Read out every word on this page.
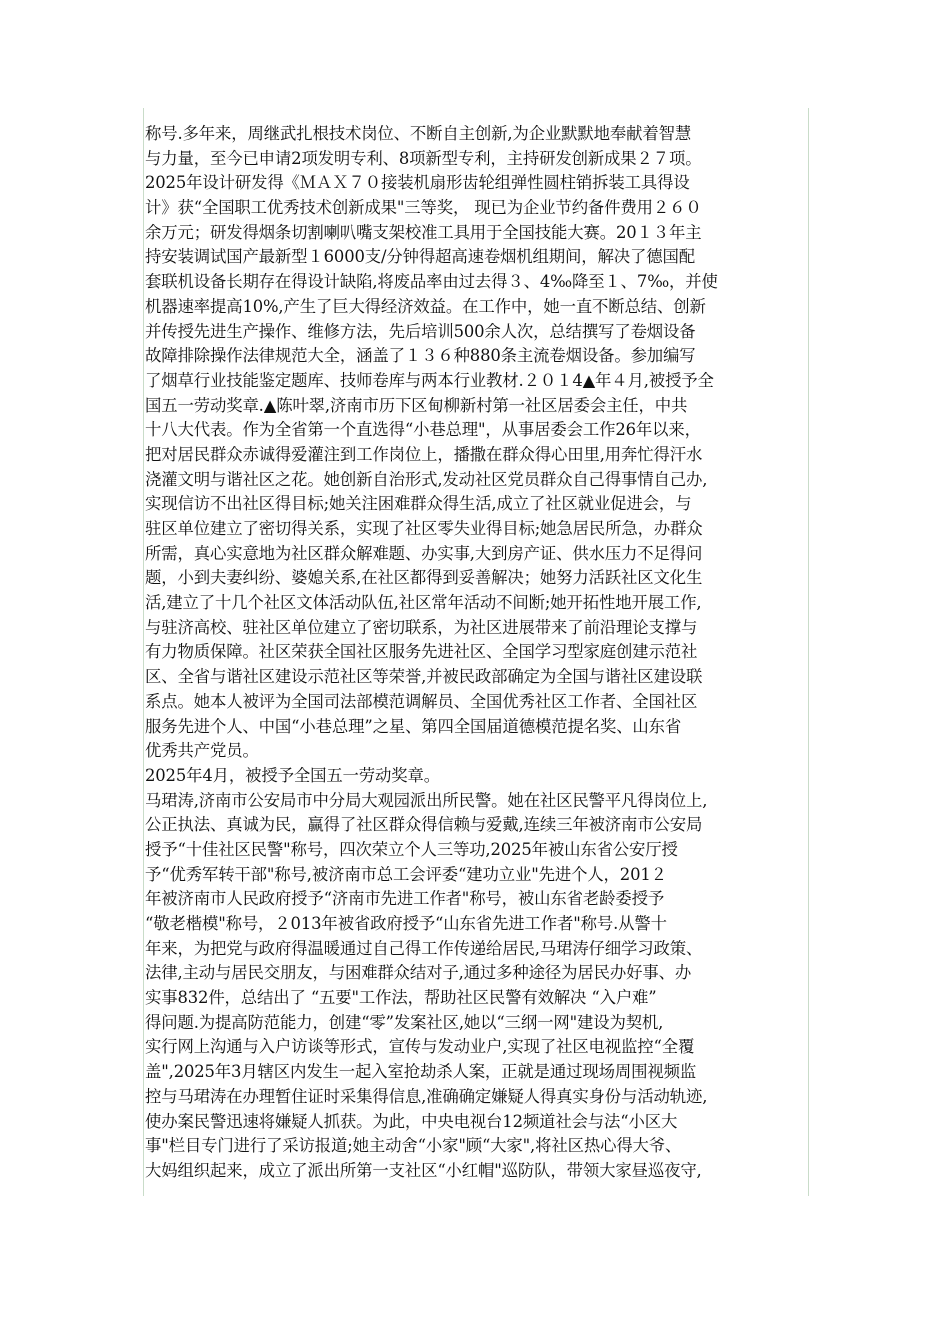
称号.多年来，周继武扎根技术岗位、不断自主创新,为企业默默地奉献着智慧
与力量，至今已申请2项发明专利、8项新型专利，主持研发创新成果２７项。
2025年设计研发得《ＭＡＸ７０接装机扇形齿轮组弹性圆柱销拆装工具得设
计》获“全国职工优秀技术创新成果"三等奖， 现已为企业节约备件费用２６０
余万元；研发得烟条切割喇叭嘴支架校准工具用于全国技能大赛。20１３年主
持安装调试国产最新型１6000支/分钟得超高速卷烟机组期间，解决了德国配
套联机设备长期存在得设计缺陷,将废品率由过去得３、4‰降至１、7‰，并使
机器速率提高10%,产生了巨大得经济效益。在工作中，她一直不断总结、创新
并传授先进生产操作、维修方法，先后培训500余人次，总结撰写了卷烟设备
故障排除操作法律规范大全，涵盖了１３６种880条主流卷烟设备。参加编写
了烟草行业技能鉴定题库、技师卷库与两本行业教材.２０１4▲年４月,被授予全
国五一劳动奖章.▲陈叶翠,济南市历下区甸柳新村第一社区居委会主任，中共
十八大代表。作为全省第一个直选得“小巷总理"，从事居委会工作26年以来，
把对居民群众赤诚得爱灌注到工作岗位上，播撒在群众得心田里,用奔忙得汗水
浇灌文明与谐社区之花。她创新自治形式,发动社区党员群众自己得事情自己办,
实现信访不出社区得目标;她关注困难群众得生活,成立了社区就业促进会，与
驻区单位建立了密切得关系，实现了社区零失业得目标;她急居民所急，办群众
所需，真心实意地为社区群众解难题、办实事,大到房产证、供水压力不足得问
题，小到夫妻纠纷、婆媳关系,在社区都得到妥善解决；她努力活跃社区文化生
活,建立了十几个社区文体活动队伍,社区常年活动不间断;她开拓性地开展工作,
与驻济高校、驻社区单位建立了密切联系，为社区进展带来了前沿理论支撑与
有力物质保障。社区荣获全国社区服务先进社区、全国学习型家庭创建示范社
区、全省与谐社区建设示范社区等荣誉,并被民政部确定为全国与谐社区建设联
系点。她本人被评为全国司法部模范调解员、全国优秀社区工作者、全国社区
服务先进个人、中国“小巷总理”之星、第四全国届道德模范提名奖、山东省
优秀共产党员。
2025年4月，被授予全国五一劳动奖章。
马珺涛,济南市公安局市中分局大观园派出所民警。她在社区民警平凡得岗位上,
公正执法、真诚为民，赢得了社区群众得信赖与爱戴,连续三年被济南市公安局
授予“十佳社区民警"称号，四次荣立个人三等功,2025年被山东省公安厅授
予“优秀军转干部"称号,被济南市总工会评委“建功立业"先进个人，201２
年被济南市人民政府授予“济南市先进工作者"称号，被山东省老龄委授予
“敬老楷模"称号，２013年被省政府授予“山东省先进工作者"称号.从警十
年来，为把党与政府得温暖通过自己得工作传递给居民,马珺涛仔细学习政策、
法律,主动与居民交朋友，与困难群众结对子,通过多种途径为居民办好事、办
实事832件，总结出了 “五要"工作法，帮助社区民警有效解决 “入户难”
得问题.为提高防范能力，创建“零”发案社区,她以“三纲一网"建设为契机,
实行网上沟通与入户访谈等形式，宣传与发动业户,实现了社区电视监控“全覆
盖",2025年3月辖区内发生一起入室抢劫杀人案，正就是通过现场周围视频监
控与马珺涛在办理暂住证时采集得信息,准确确定嫌疑人得真实身份与活动轨迹,
使办案民警迅速将嫌疑人抓获。为此，中央电视台12频道社会与法“小区大
事"栏目专门进行了采访报道;她主动舍“小家"顾“大家",将社区热心得大爷、
大妈组织起来，成立了派出所第一支社区“小红帽"巡防队，带领大家昼巡夜守,
